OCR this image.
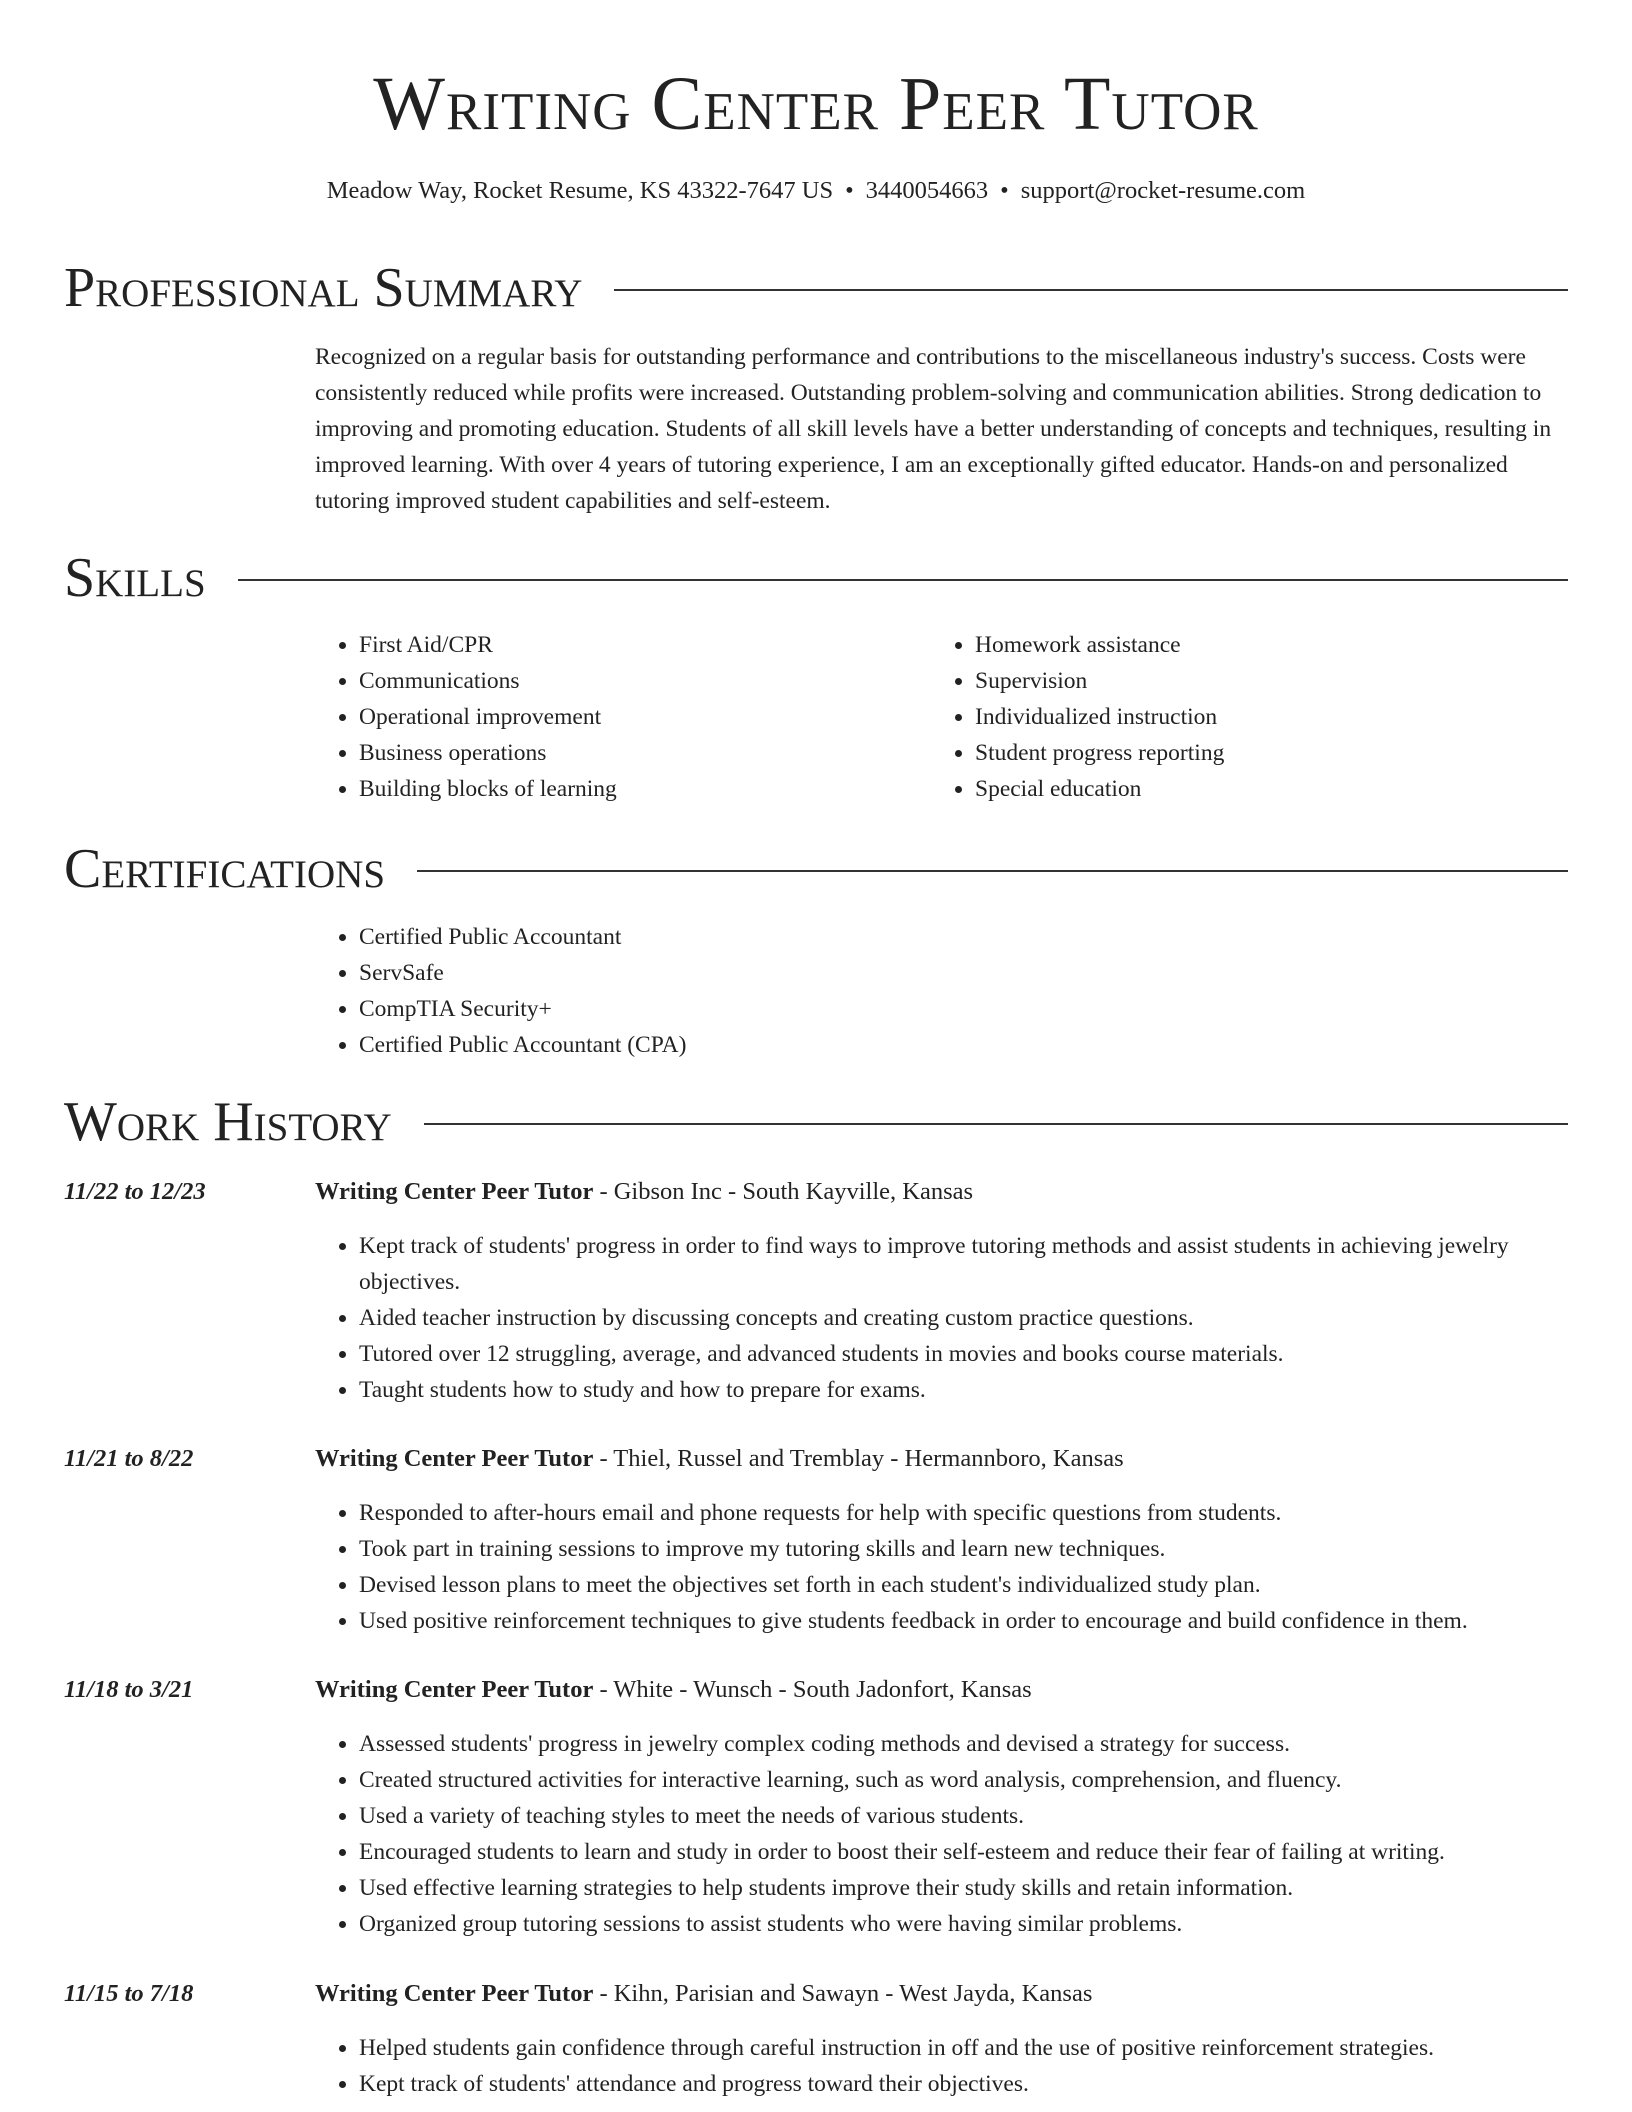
Writing Center Peer Tutor
Meadow Way, Rocket Resume, KS 43322-7647 US • 3440054663 • support@rocket-resume.com
Professional Summary
Recognized on a regular basis for outstanding performance and contributions to the miscellaneous industry's success. Costs were consistently reduced while profits were increased. Outstanding problem-solving and communication abilities. Strong dedication to improving and promoting education. Students of all skill levels have a better understanding of concepts and techniques, resulting in improved learning. With over 4 years of tutoring experience, I am an exceptionally gifted educator. Hands-on and personalized tutoring improved student capabilities and self-esteem.
Skills
• First Aid/CPR
• Communications
• Operational improvement
• Business operations
• Building blocks of learning
• Homework assistance
• Supervision
• Individualized instruction
• Student progress reporting
• Special education
Certifications
• Certified Public Accountant
• ServSafe
• CompTIA Security+
• Certified Public Accountant (CPA)
Work History
11/22 to 12/23	Writing Center Peer Tutor - Gibson Inc - South Kayville, Kansas
• Kept track of students' progress in order to find ways to improve tutoring methods and assist students in achieving jewelry objectives.
• Aided teacher instruction by discussing concepts and creating custom practice questions.
• Tutored over 12 struggling, average, and advanced students in movies and books course materials.
• Taught students how to study and how to prepare for exams.
11/21 to 8/22	Writing Center Peer Tutor - Thiel, Russel and Tremblay - Hermannboro, Kansas
• Responded to after-hours email and phone requests for help with specific questions from students.
• Took part in training sessions to improve my tutoring skills and learn new techniques.
• Devised lesson plans to meet the objectives set forth in each student's individualized study plan.
• Used positive reinforcement techniques to give students feedback in order to encourage and build confidence in them.
11/18 to 3/21	Writing Center Peer Tutor - White - Wunsch - South Jadonfort, Kansas
• Assessed students' progress in jewelry complex coding methods and devised a strategy for success.
• Created structured activities for interactive learning, such as word analysis, comprehension, and fluency.
• Used a variety of teaching styles to meet the needs of various students.
• Encouraged students to learn and study in order to boost their self-esteem and reduce their fear of failing at writing.
• Used effective learning strategies to help students improve their study skills and retain information.
• Organized group tutoring sessions to assist students who were having similar problems.
11/15 to 7/18	Writing Center Peer Tutor - Kihn, Parisian and Sawayn - West Jayda, Kansas
• Helped students gain confidence through careful instruction in off and the use of positive reinforcement strategies.
• Kept track of students' attendance and progress toward their objectives.
